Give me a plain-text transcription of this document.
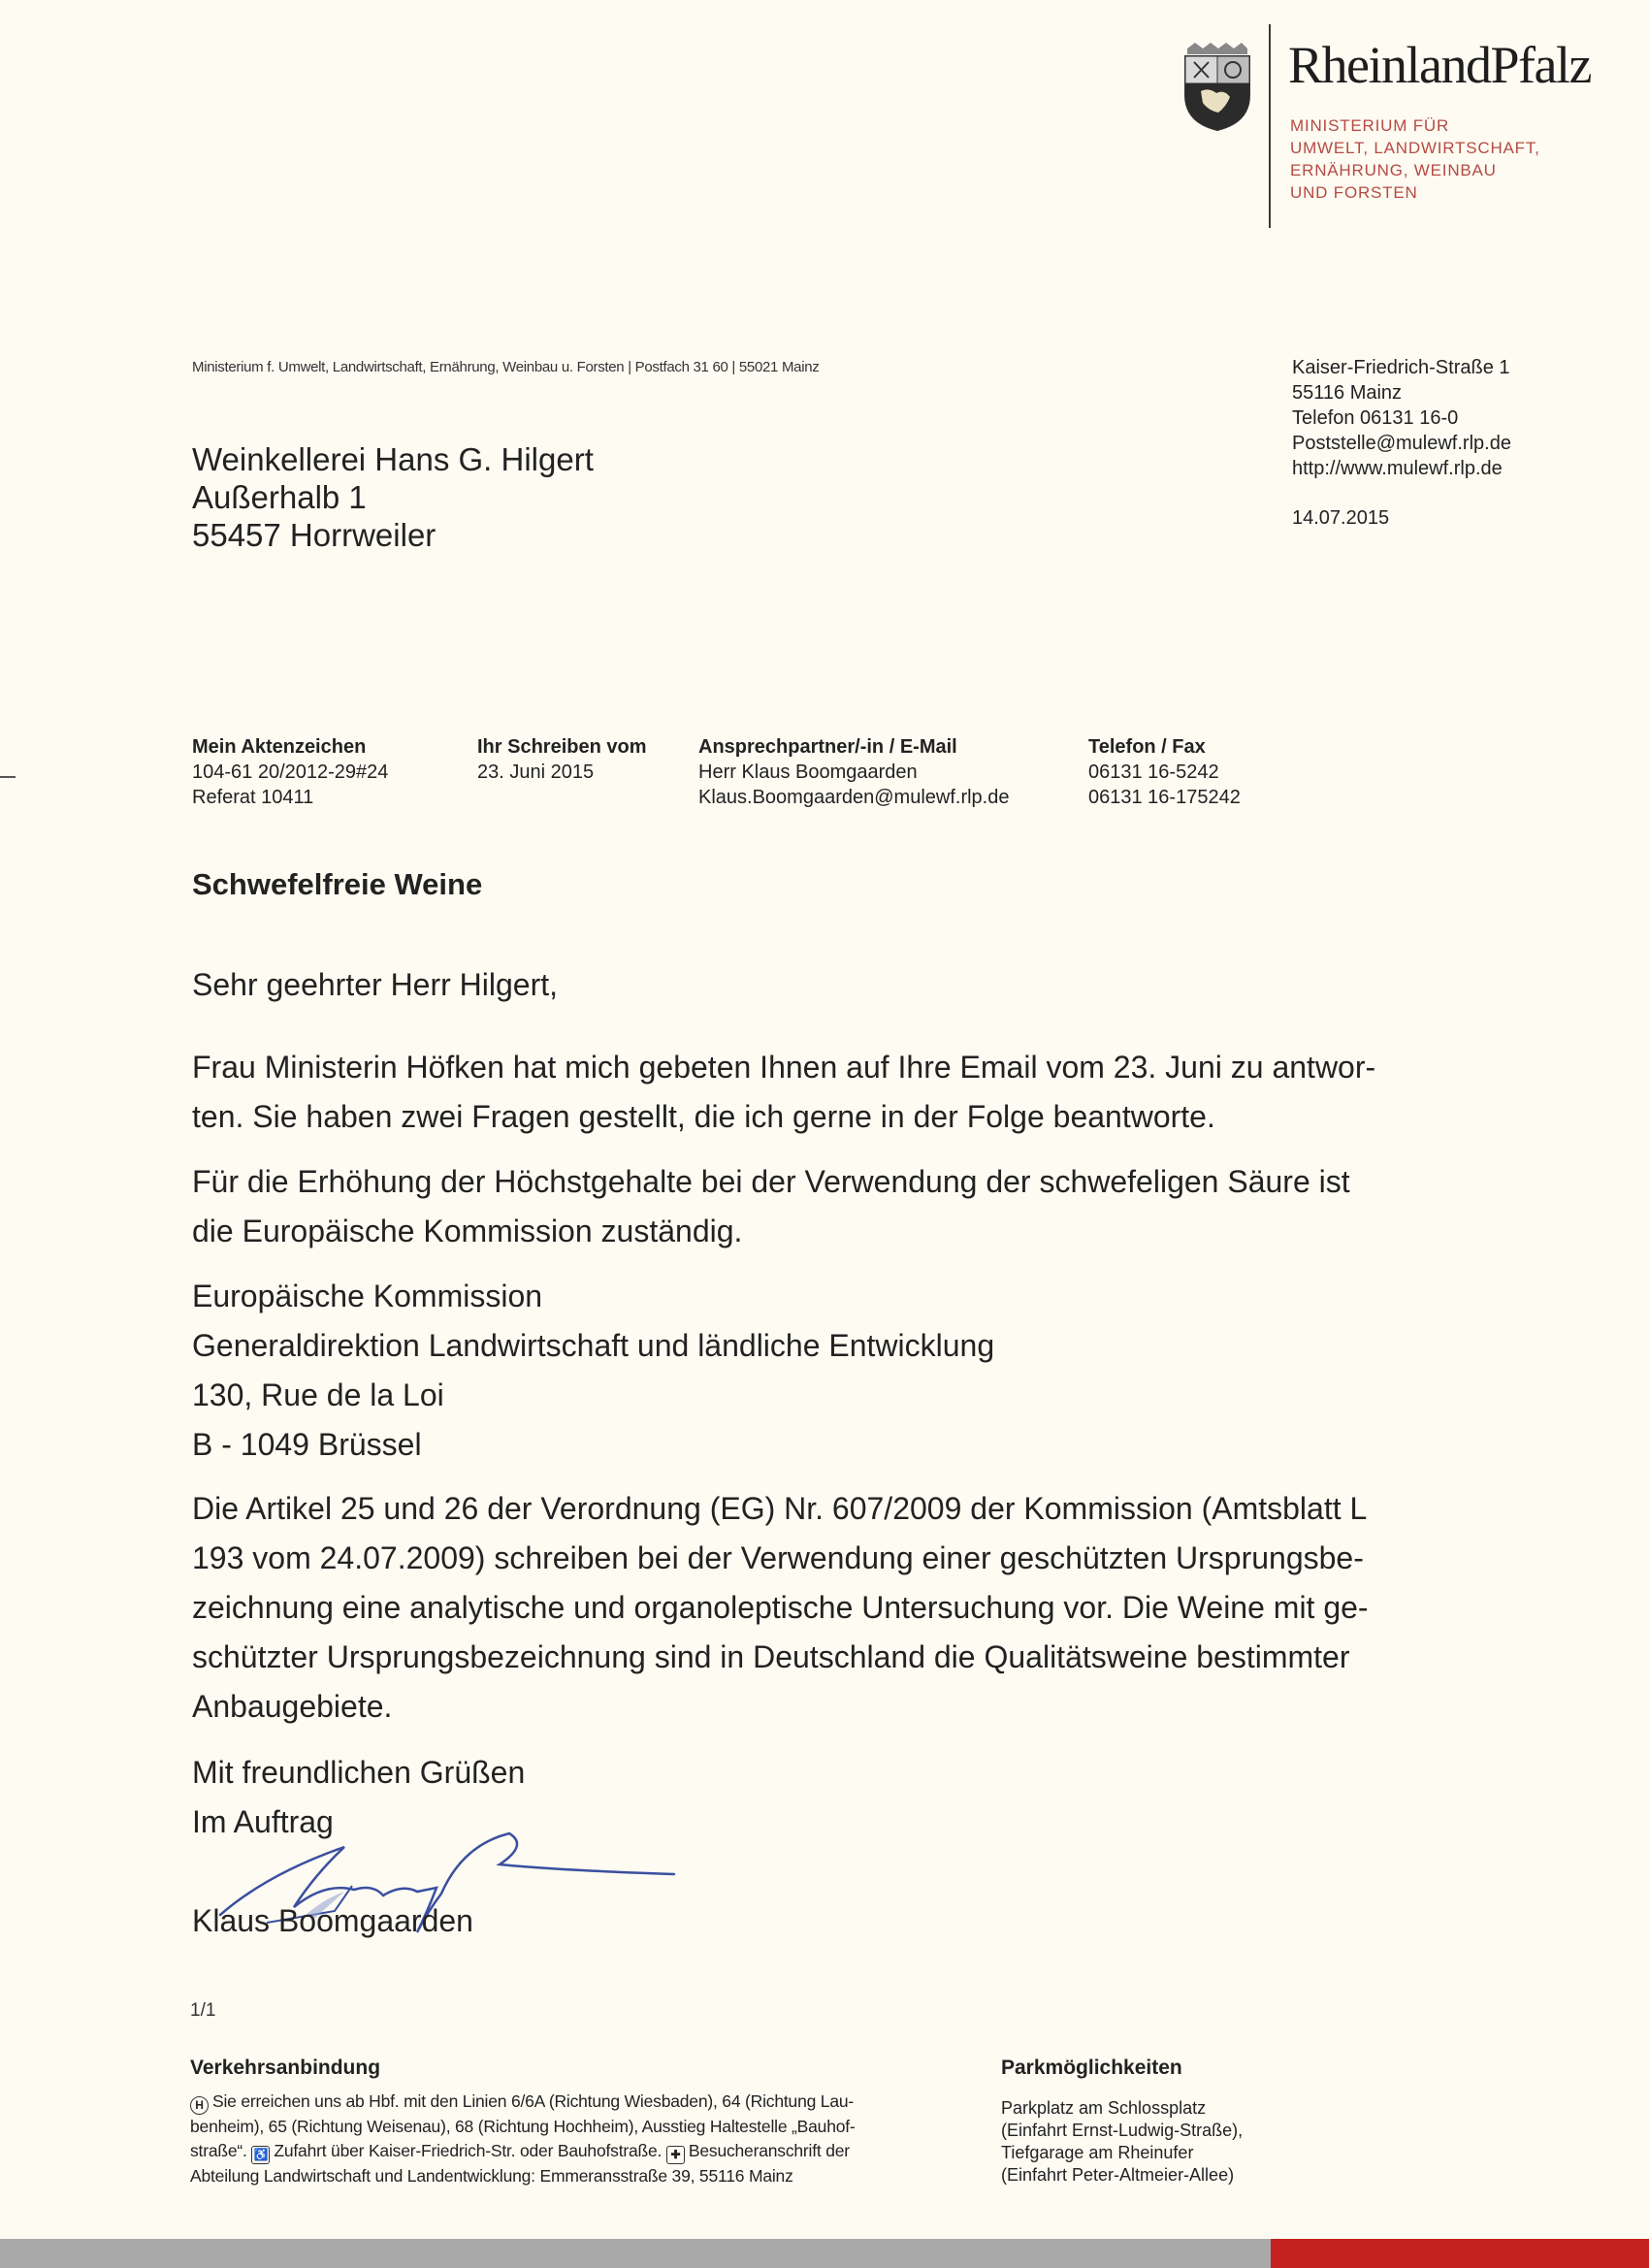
RheinlandPfalz
MINISTERIUM FÜR
UMWELT, LANDWIRTSCHAFT,
ERNÄHRUNG, WEINBAU
UND FORSTEN
Ministerium f. Umwelt, Landwirtschaft, Ernährung, Weinbau u. Forsten | Postfach 31 60 | 55021 Mainz
Weinkellerei Hans G. Hilgert
Außerhalb 1
55457 Horrweiler
Kaiser-Friedrich-Straße 1
55116 Mainz
Telefon 06131 16-0
Poststelle@mulewf.rlp.de
http://www.mulewf.rlp.de
14.07.2015
Mein Aktenzeichen
104-61 20/2012-29#24
Referat 10411
Ihr Schreiben vom
23. Juni 2015
Ansprechpartner/-in / E-Mail
Herr Klaus Boomgaarden
Klaus.Boomgaarden@mulewf.rlp.de
Telefon / Fax
06131 16-5242
06131 16-175242
Schwefelfreie Weine
Sehr geehrter Herr Hilgert,
Frau Ministerin Höfken hat mich gebeten Ihnen auf Ihre Email vom 23. Juni zu antwor-
ten. Sie haben zwei Fragen gestellt, die ich gerne in der Folge beantworte.
Für die Erhöhung der Höchstgehalte bei der Verwendung der schwefeligen Säure ist
die Europäische Kommission zuständig.
Europäische Kommission
Generaldirektion Landwirtschaft und ländliche Entwicklung
130, Rue de la Loi
B - 1049 Brüssel
Die Artikel 25 und 26 der Verordnung (EG) Nr. 607/2009 der Kommission (Amtsblatt L
193 vom 24.07.2009) schreiben bei der Verwendung einer geschützten Ursprungsbe-
zeichnung eine analytische und organoleptische Untersuchung vor. Die Weine mit ge-
schützter Ursprungsbezeichnung sind in Deutschland die Qualitätsweine bestimmter
Anbaugebiete.
Mit freundlichen Grüßen
Im Auftrag
Klaus Boomgaarden
1/1
Verkehrsanbindung
H Sie erreichen uns ab Hbf. mit den Linien 6/6A (Richtung Wiesbaden), 64 (Richtung Lau-
benheim), 65 (Richtung Weisenau), 68 (Richtung Hochheim), Ausstieg Haltestelle „Bauhof-
straße“. ♿ Zufahrt über Kaiser-Friedrich-Str. oder Bauhofstraße. ✚ Besucheranschrift der
Abteilung Landwirtschaft und Landentwicklung: Emmeransstraße 39, 55116 Mainz
Parkmöglichkeiten
Parkplatz am Schlossplatz
(Einfahrt Ernst-Ludwig-Straße),
Tiefgarage am Rheinufer
(Einfahrt Peter-Altmeier-Allee)
